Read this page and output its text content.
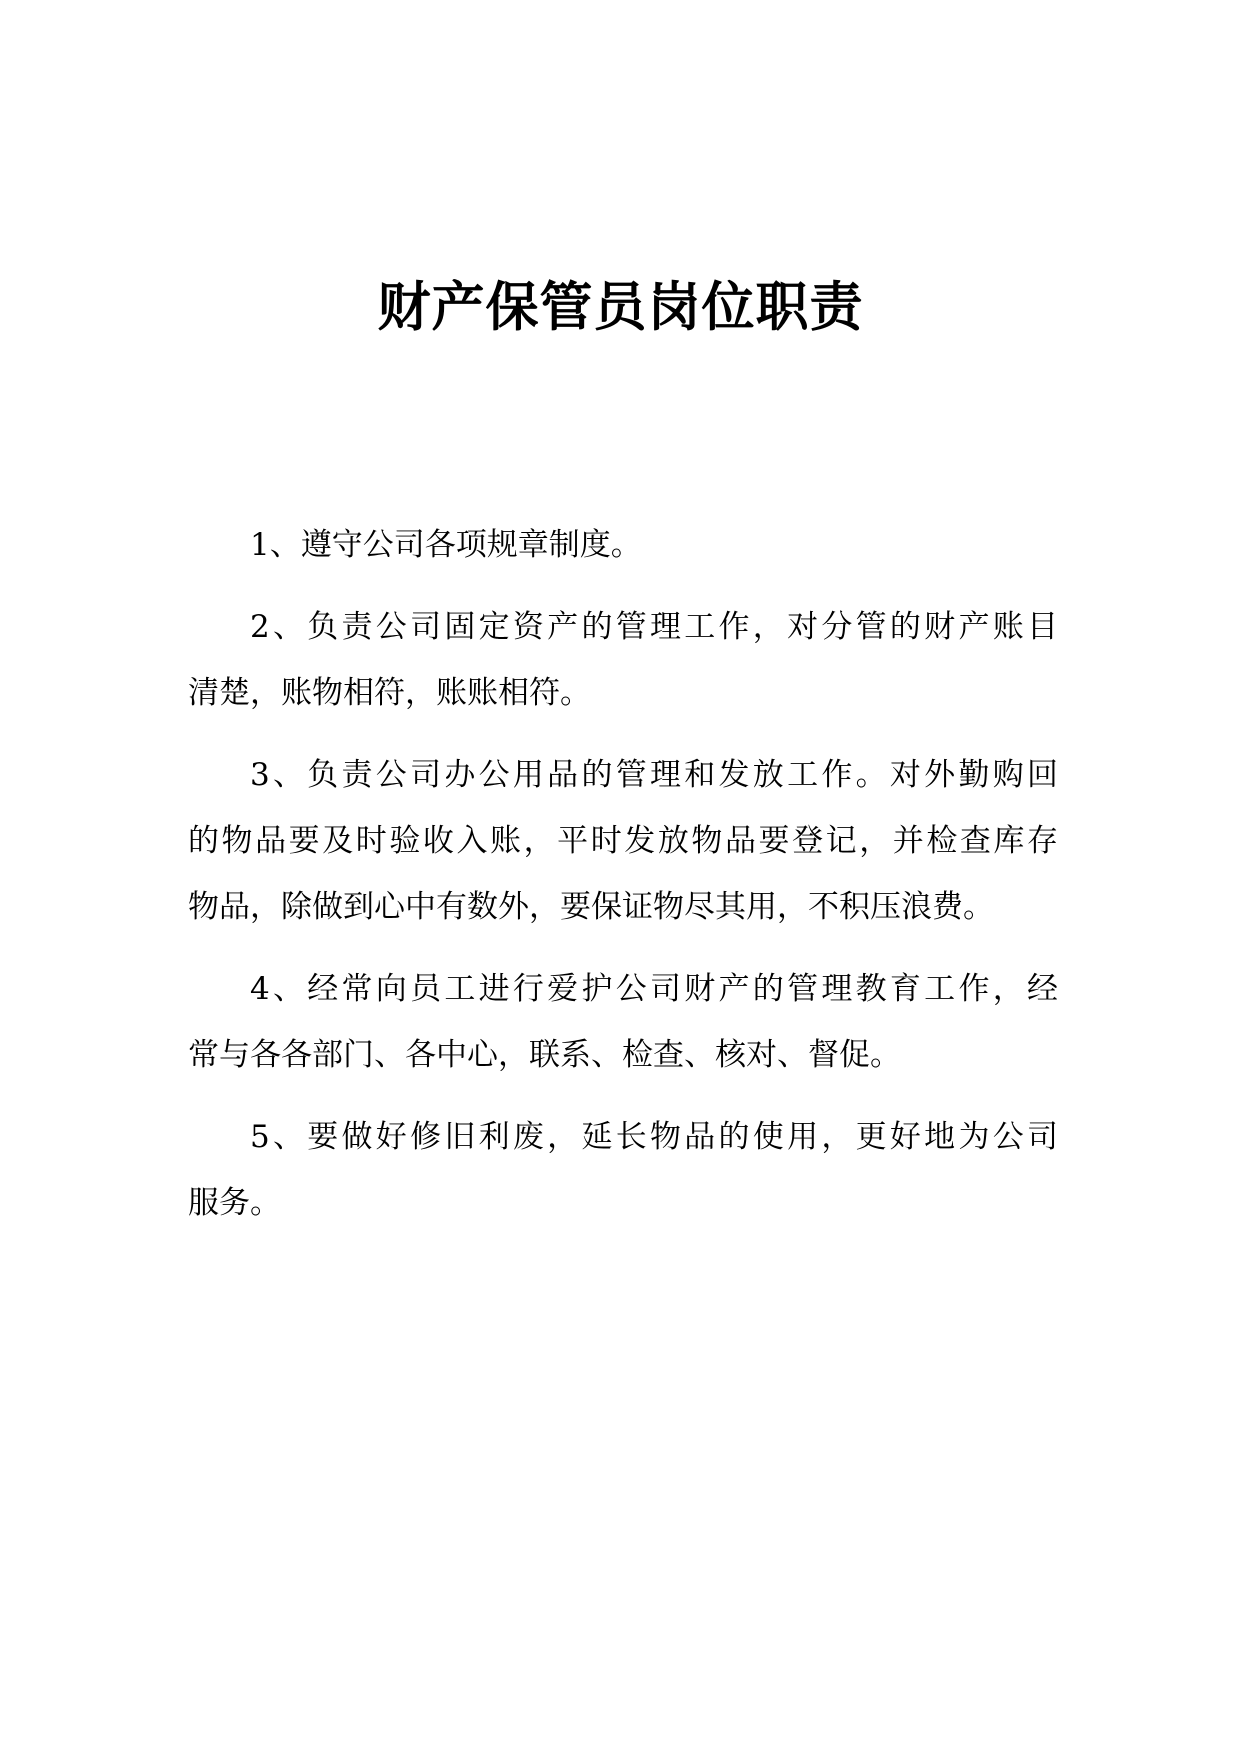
财产保管员岗位职责
1、遵守公司各项规章制度。
2、负责公司固定资产的管理工作，对分管的财产账目
清楚，账物相符，账账相符。
3、负责公司办公用品的管理和发放工作。对外勤购回
的物品要及时验收入账，平时发放物品要登记，并检查库存
物品，除做到心中有数外，要保证物尽其用，不积压浪费。
4、经常向员工进行爱护公司财产的管理教育工作，经
常与各各部门、各中心，联系、检查、核对、督促。
5、要做好修旧利废，延长物品的使用，更好地为公司
服务。
